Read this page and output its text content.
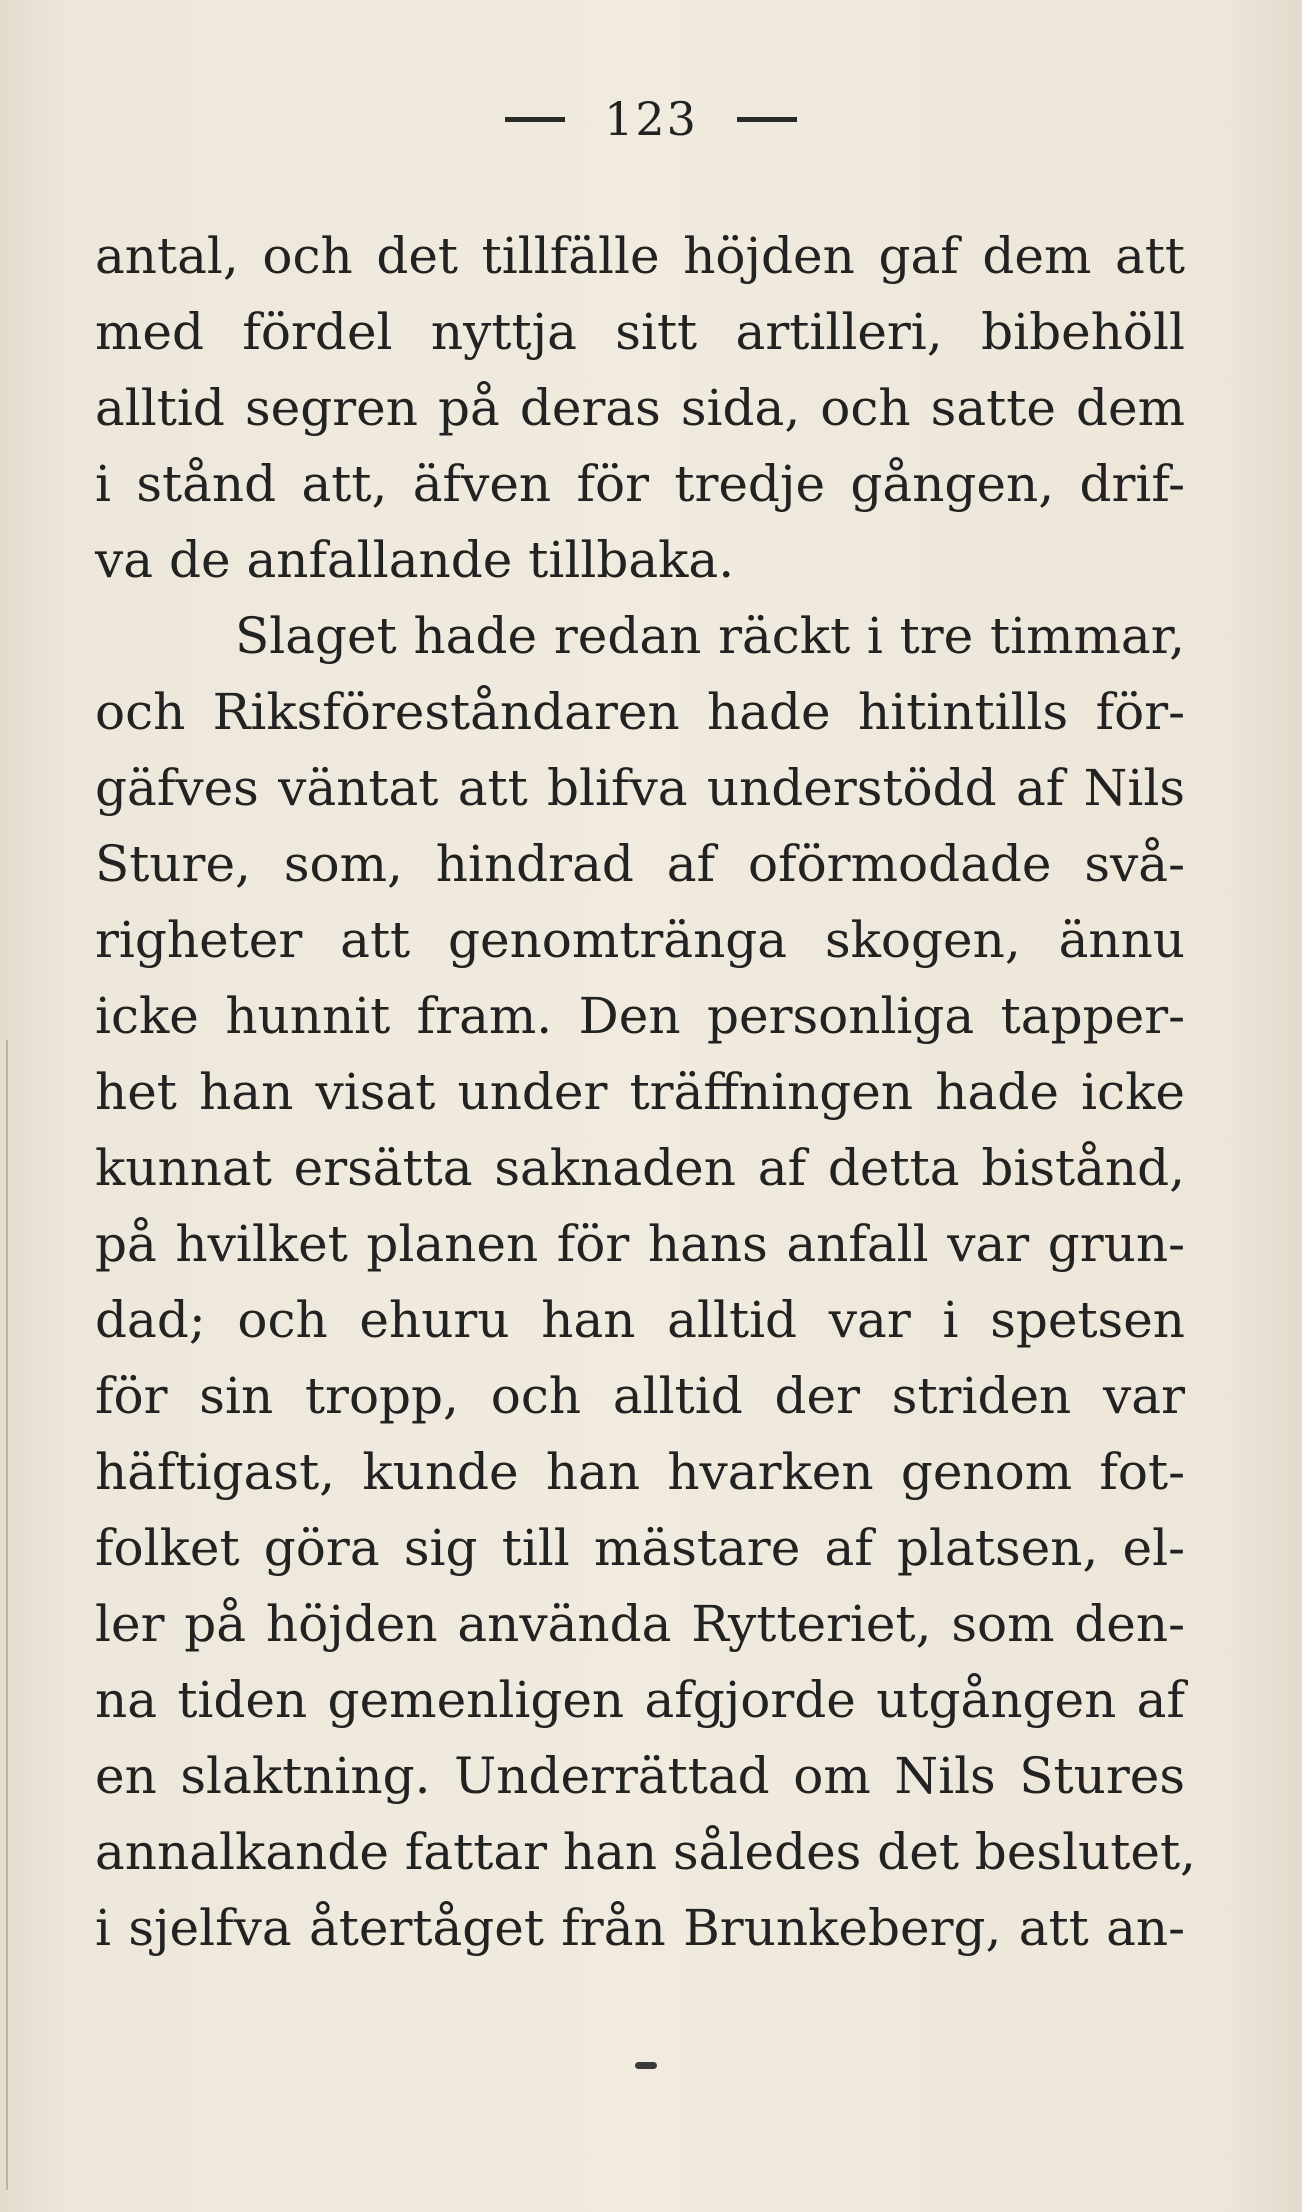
123
antal, och det tillfälle höjden gaf dem att
med fördel nyttja sitt artilleri, bibehöll
alltid segren på deras sida, och satte dem
i stånd att, äfven för tredje gången, drif-
va de anfallande tillbaka.
Slaget hade redan räckt i tre timmar,
och Riksföreståndaren hade hitintills för-
gäfves väntat att blifva understödd af Nils
Sture, som, hindrad af oförmodade svå-
righeter att genomtränga skogen, ännu
icke hunnit fram. Den personliga tapper-
het han visat under träffningen hade icke
kunnat ersätta saknaden af detta bistånd,
på hvilket planen för hans anfall var grun-
dad; och ehuru han alltid var i spetsen
för sin tropp, och alltid der striden var
häftigast, kunde han hvarken genom fot-
folket göra sig till mästare af platsen, el-
ler på höjden använda Rytteriet, som den-
na tiden gemenligen afgjorde utgången af
en slaktning. Underrättad om Nils Stures
annalkande fattar han således det beslutet,
i sjelfva återtåget från Brunkeberg, att an-
